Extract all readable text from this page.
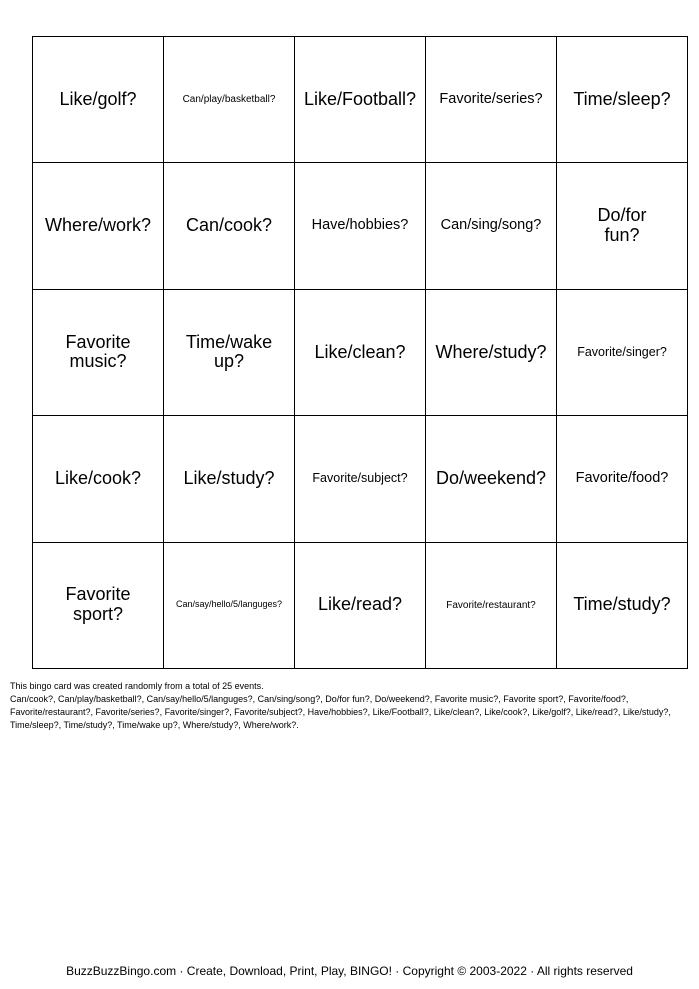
Like/golf?	Can/play/basketball?	Like/Football?	Favorite/series?	Time/sleep?
Where/work?	Can/cook?	Have/hobbies?	Can/sing/song?	Do/for fun?
Favorite music?	Time/wake up?	Like/clean?	Where/study?	Favorite/singer?
Like/cook?	Like/study?	Favorite/subject?	Do/weekend?	Favorite/food?
Favorite sport?	Can/say/hello/5/languges?	Like/read?	Favorite/restaurant?	Time/study?

This bingo card was created randomly from a total of 25 events.

Can/cook?, Can/play/basketball?, Can/say/hello/5/languges?, Can/sing/song?, Do/for fun?, Do/weekend?, Favorite music?, Favorite sport?, Favorite/food?, Favorite/restaurant?, Favorite/series?, Favorite/singer?, Favorite/subject?, Have/hobbies?, Like/Football?, Like/clean?, Like/cook?, Like/golf?, Like/read?, Like/study?, Time/sleep?, Time/study?, Time/wake up?, Where/study?, Where/work?.

BuzzBuzzBingo.com · Create, Download, Print, Play, BINGO! · Copyright © 2003-2022 · All rights reserved
